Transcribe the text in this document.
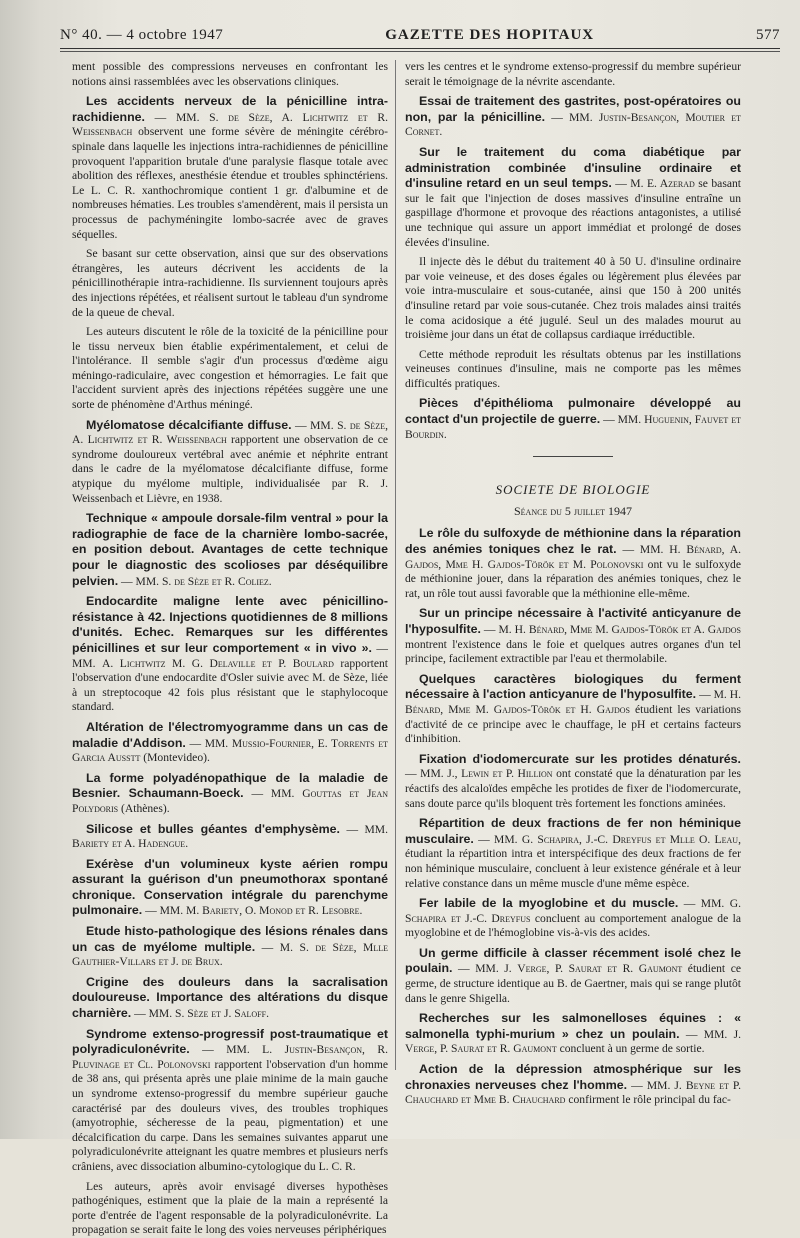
N° 40. — 4 octobre 1947	GAZETTE DES HOPITAUX	577

ment possible des compressions nerveuses en confrontant les notions ainsi rassemblées avec les observations cliniques.

Les accidents nerveux de la pénicilline intra-rachidienne. — MM. S. de Sèze, A. Lichtwitz et R. Weissenbach observent une forme sévère de méningite cérébro-spinale dans laquelle les injections intra-rachidiennes de pénicilline provoquent l'apparition brutale d'une paralysie flasque totale avec abolition des réflexes, anesthésie étendue et troubles sphinctériens. Le L. C. R. xanthochromique contient 1 gr. d'albumine et de nombreuses hématies. Les troubles s'amendèrent, mais il persista un processus de pachyméningite lombo-sacrée avec de graves séquelles.

Se basant sur cette observation, ainsi que sur des observations étrangères, les auteurs décrivent les accidents de la pénicillinothérapie intra-rachidienne. Ils surviennent toujours après des injections répétées, et réalisent surtout le tableau d'un syndrome de la queue de cheval.

Les auteurs discutent le rôle de la toxicité de la pénicilline pour le tissu nerveux bien établie expérimentalement, et celui de l'intolérance. Il semble s'agir d'un processus d'œdème aigu méningo-radiculaire, avec congestion et hémorragies. Le fait que l'accident survient après des injections répétées suggère une une sorte de phénomène d'Arthus méningé.

Myélomatose décalcifiante diffuse. — MM. S. de Sèze, A. Lichtwitz et R. Weissenbach rapportent une observation de ce syndrome douloureux vertébral avec anémie et néphrite entrant dans le cadre de la myélomatose décalcifiante diffuse, forme atypique du myélome multiple, individualisée par R. J. Weissenbach et Lièvre, en 1938.

Technique « ampoule dorsale-film ventral » pour la radiographie de face de la charnière lombo-sacrée, en position debout. Avantages de cette technique pour le diagnostic des scolioses par déséquilibre pelvien. — MM. S. de Sèze et R. Coliez.

Endocardite maligne lente avec pénicillino-résistance à 42. Injections quotidiennes de 8 millions d'unités. Echec. Remarques sur les différentes pénicillines et sur leur comportement « in vivo ». — MM. A. Lichtwitz M. G. Delaville et P. Boulard rapportent l'observation d'une endocardite d'Osler suivie avec M. de Sèze, liée à un streptocoque 42 fois plus résistant que le staphylocoque standard.

Altération de l'électromyogramme dans un cas de maladie d'Addison. — MM. Mussio-Fournier, E. Torrents et Garcia Ausstt (Montevideo).

La forme polyadénopathique de la maladie de Besnier. Schaumann-Boeck. — MM. Gouttas et Jean Polydoris (Athènes).

Silicose et bulles géantes d'emphysème. — MM. Bariety et A. Hadengue.

Exérèse d'un volumineux kyste aérien rompu assurant la guérison d'un pneumothorax spontané chronique. Conservation intégrale du parenchyme pulmonaire. — MM. M. Bariety, O. Monod et R. Lesobre.

Etude histo-pathologique des lésions rénales dans un cas de myélome multiple. — M. S. de Sèze, Mlle Gauthier-Villars et J. de Brux.

Crigine des douleurs dans la sacralisation douloureuse. Importance des altérations du disque charnière. — MM. S. Sèze et J. Saloff.

Syndrome extenso-progressif post-traumatique et polyradiculonévrite. — MM. L. Justin-Besançon, R. Pluvinage et Cl. Polonovski rapportent l'observation d'un homme de 38 ans, qui présenta après une plaie minime de la main gauche un syndrome extenso-progressif du membre supérieur gauche caractérisé par des douleurs vives, des troubles trophiques (amyotrophie, sécheresse de la peau, pigmentation) et une décalcification du carpe. Dans les semaines suivantes apparut une polyradiculonévrite atteignant les quatre membres et plusieurs nerfs crâniens, avec dissociation albumino-cytologique du L. C. R.

Les auteurs, après avoir envisagé diverses hypothèses pathogéniques, estiment que la plaie de la main a représenté la porte d'entrée de l'agent responsable de la polyradiculonévrite. La propagation se serait faite le long des voies nerveuses périphériques

vers les centres et le syndrome extenso-progressif du membre supérieur serait le témoignage de la névrite ascendante.

Essai de traitement des gastrites, post-opératoires ou non, par la pénicilline. — MM. Justin-Besançon, Moutier et Cornet.

Sur le traitement du coma diabétique par administration combinée d'insuline ordinaire et d'insuline retard en un seul temps. — M. E. Azerad se basant sur le fait que l'injection de doses massives d'insuline entraîne un gaspillage d'hormone et provoque des réactions antagonistes, a utilisé une technique qui assure un apport immédiat et prolongé de doses élevées d'insuline.

Il injecte dès le début du traitement 40 à 50 U. d'insuline ordinaire par voie veineuse, et des doses égales ou légèrement plus élevées par voie intra-musculaire et sous-cutanée, ainsi que 150 à 200 unités d'insuline retard par voie sous-cutanée. Chez trois malades ainsi traités le coma acidosique a été jugulé. Seul un des malades mourut au troisième jour dans un état de collapsus cardiaque irréductible.

Cette méthode reproduit les résultats obtenus par les instillations veineuses continues d'insuline, mais ne comporte pas les mêmes difficultés pratiques.

Pièces d'épithélioma pulmonaire développé au contact d'un projectile de guerre. — MM. Huguenin, Fauvet et Bourdin.

SOCIETE DE BIOLOGIE

Séance du 5 juillet 1947

Le rôle du sulfoxyde de méthionine dans la réparation des anémies toniques chez le rat. — MM. H. Bénard, A. Gajdos, Mme H. Gajdos-Török et M. Polonovski ont vu le sulfoxyde de méthionine jouer, dans la réparation des anémies toniques, chez le rat, un rôle tout aussi favorable que la méthionine elle-même.

Sur un principe nécessaire à l'activité anticyanure de l'hyposulfite. — M. H. Bénard, Mme M. Gajdos-Török et A. Gajdos montrent l'existence dans le foie et quelques autres organes d'un tel principe, facilement extractible par l'eau et thermolabile.

Quelques caractères biologiques du ferment nécessaire à l'action anticyanure de l'hyposulfite. — M. H. Bénard, Mme M. Gajdos-Török et H. Gajdos étudient les variations d'activité de ce principe avec le chauffage, le pH et certains facteurs d'inhibition.

Fixation d'iodomercurate sur les protides dénaturés. — MM. J., Lewin et P. Hillion ont constaté que la dénaturation par les réactifs des alcaloïdes empêche les protides de fixer de l'iodomercurate, sans doute parce qu'ils bloquent très fortement les fonctions aminées.

Répartition de deux fractions de fer non héminique musculaire. — MM. G. Schapira, J.-C. Dreyfus et Mlle O. Leau, étudiant la répartition intra et interspécifique des deux fractions de fer non héminique musculaire, concluent à leur existence générale et à leur relative constance dans un même muscle d'une même espèce.

Fer labile de la myoglobine et du muscle. — MM. G. Schapira et J.-C. Dreyfus concluent au comportement analogue de la myoglobine et de l'hémoglobine vis-à-vis des acides.

Un germe difficile à classer récemment isolé chez le poulain. — MM. J. Verge, P. Saurat et R. Gaumont étudient ce germe, de structure identique au B. de Gaertner, mais qui se range plutôt dans le genre Shigella.

Recherches sur les salmonelloses équines : « salmonella typhi-murium » chez un poulain. — MM. J. Verge, P. Saurat et R. Gaumont concluent à un germe de sortie.

Action de la dépression atmosphérique sur les chronaxies nerveuses chez l'homme. — MM. J. Beyne et P. Chauchard et Mme B. Chauchard confirment le rôle principal du fac-
